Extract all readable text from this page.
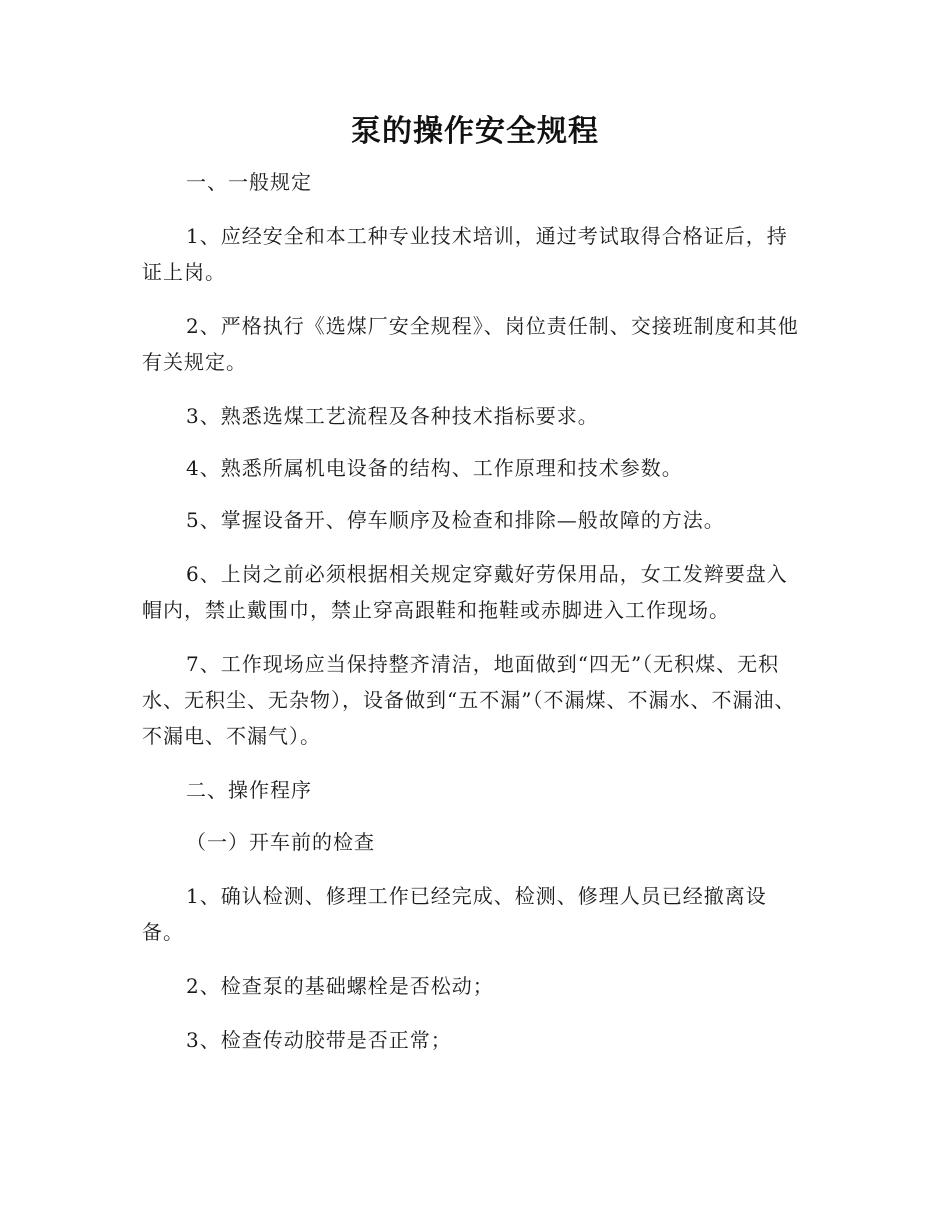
泵的操作安全规程

一、一般规定

1、应经安全和本工种专业技术培训，通过考试取得合格证后，持证上岗。

2、严格执行《选煤厂安全规程》、岗位责任制、交接班制度和其他有关规定。

3、熟悉选煤工艺流程及各种技术指标要求。

4、熟悉所属机电设备的结构、工作原理和技术参数。

5、掌握设备开、停车顺序及检查和排除—般故障的方法。

6、上岗之前必须根据相关规定穿戴好劳保用品，女工发辫要盘入帽内，禁止戴围巾，禁止穿高跟鞋和拖鞋或赤脚进入工作现场。

7、工作现场应当保持整齐清洁，地面做到“四无”（无积煤、无积水、无积尘、无杂物），设备做到“五不漏”（不漏煤、不漏水、不漏油、不漏电、不漏气）。

二、操作程序

（一）开车前的检查

1、确认检测、修理工作已经完成、检测、修理人员已经撤离设备。

2、检查泵的基础螺栓是否松动；

3、检查传动胶带是否正常；
